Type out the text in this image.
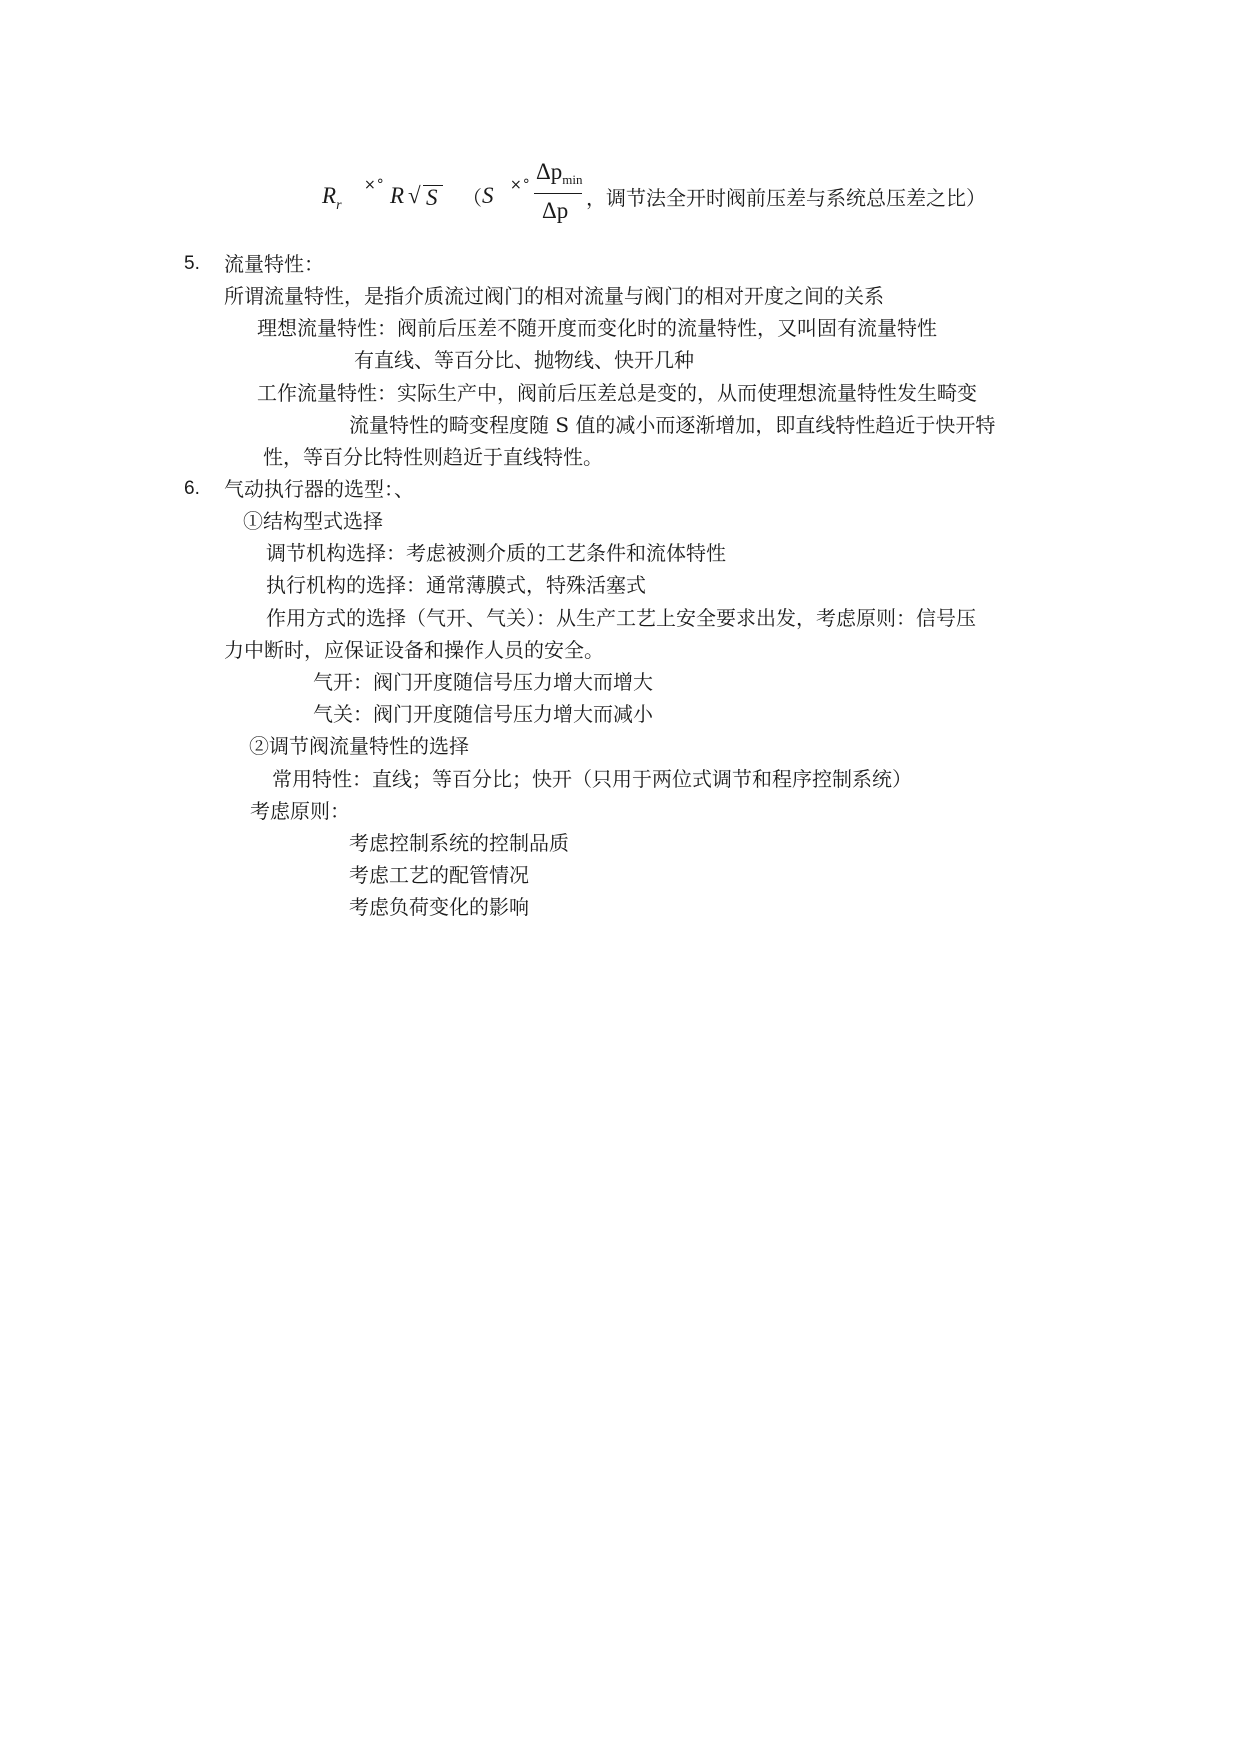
$R_r$
×° R √ S （ S ×°
$\Delta p_{min}$
Δp ，调节法全开时阀前压差与系统总压差之比）
5. 流量特性：
所谓流量特性，是指介质流过阀门的相对流量与阀门的相对开度之间的关系
理想流量特性：阀前后压差不随开度而变化时的流量特性，又叫固有流量特性
有直线、等百分比、抛物线、快开几种
工作流量特性：实际生产中，阀前后压差总是变的，从而使理想流量特性发生畸变
流量特性的畸变程度随 S 值的减小而逐渐增加，即直线特性趋近于快开特
性，等百分比特性则趋近于直线特性。
6. 气动执行器的选型：、
①结构型式选择
调节机构选择：考虑被测介质的工艺条件和流体特性
执行机构的选择：通常薄膜式，特殊活塞式
作用方式的选择（气开、气关）：从生产工艺上安全要求出发，考虑原则：信号压
力中断时，应保证设备和操作人员的安全。
气开：阀门开度随信号压力增大而增大
气关：阀门开度随信号压力增大而减小
②调节阀流量特性的选择
常用特性：直线；等百分比；快开（只用于两位式调节和程序控制系统）
考虑原则：
考虑控制系统的控制品质
考虑工艺的配管情况
考虑负荷变化的影响
